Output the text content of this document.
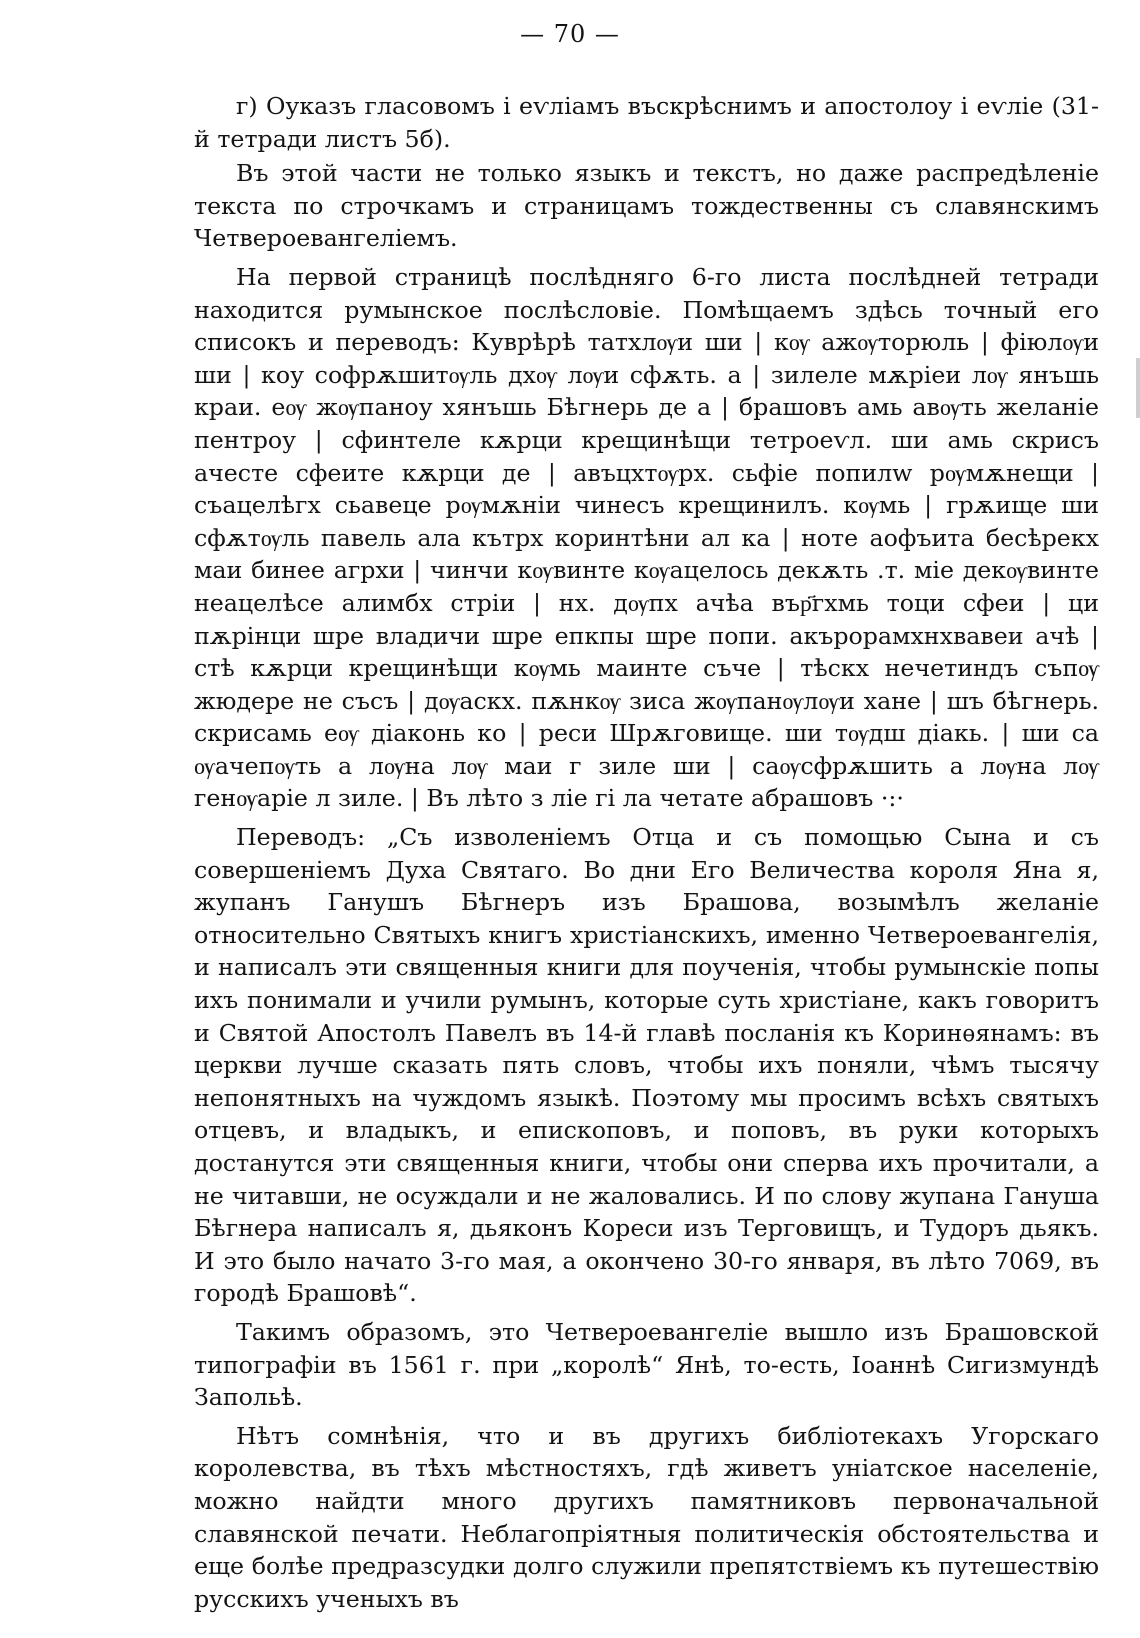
— 70 —

г) Оуказъ гласовомъ і еѵліамъ въскрѣснимъ и апостолоу і еѵліе (31-й тетради листъ 5б).

Въ этой части не только языкъ и текстъ, но даже распредѣленіе текста по строчкамъ и страницамъ тождественны съ славянскимъ Четвероевангеліемъ.

На первой страницѣ послѣдняго 6-го листа послѣдней тетради находится румынское послѣсловіе. Помѣщаемъ здѣсь точный его списокъ и переводъ: Куврѣрѣ татхлѹи ши | кѹ ажѹторюль | фіюлѹи ши | коу софрѫшитѹль дхѹ лѹи сфѫть. а | зилеле мѫріеи лѹ янъшь краи. еѹ жѹпаноу хянъшь Бѣгнерь де а | брашовъ амь авѹть желаніе пентроу | сфинтеле кѫрци крещинѣщи тетроеѵл. ши амь скрисъ ачесте сфеите кѫрци де | авъцхтѹрх. сьфіе попилw рѹмѫнещи | съацелѣгх сьавеце рѹмѫніи чинесъ крещинилъ. кѹмь | грѫище ши сфѫтѹль павель ала кътрх коринтѣни ал ка | ноте аофъита бесѣрекх маи бинее агрхи | чинчи кѹвинте кѹацелось декѫть .т. міе декѹвинте неацелѣсе алимбх стріи | нх. дѹпх ачѣа вър҃гхмь тоци сфеи | ци пѫрінци шре владичи шре епкпы шре попи. акърорамхнхвавеи ачѣ | стѣ кѫрци крещинѣщи кѹмь маинте съче | тѣскх нечетиндъ съпѹ жюдере не съсъ | дѹаскх. пѫнкѹ зиса жѹпанѹлѹи хане | шъ бѣгнерь. скрисамь еѹ діаконь ко | реси Шрѫговище. ши тѹдш діакь. | ши са ѹачепѹть а лѹна лѹ маи г зиле ши | саѹсфрѫшить а лѹна лѹ генѹаріе л зиле. | Въ лѣто з ліе гі ла четате абрашовъ ·:·

Переводъ: „Съ изволеніемъ Отца и съ помощью Сына и съ совершеніемъ Духа Святаго. Во дни Его Величества короля Яна я, жупанъ Ганушъ Бѣгнеръ изъ Брашова, возымѣлъ желаніе относительно Святыхъ книгъ христіанскихъ, именно Четвероевангелія, и написалъ эти священныя книги для поученія, чтобы румынскіе попы ихъ понимали и учили румынъ, которые суть христіане, какъ говоритъ и Святой Апостолъ Павелъ въ 14-й главѣ посланія къ Коринѳянамъ: въ церкви лучше сказать пять словъ, чтобы ихъ поняли, чѣмъ тысячу непонятныхъ на чуждомъ языкѣ. Поэтому мы просимъ всѣхъ святыхъ отцевъ, и владыкъ, и епископовъ, и поповъ, въ руки которыхъ достанутся эти священныя книги, чтобы они сперва ихъ прочитали, а не читавши, не осуждали и не жаловались. И по слову жупана Гануша Бѣгнера написалъ я, дьяконъ Кореси изъ Терговищъ, и Тудоръ дьякъ. И это было начато 3-го мая, а окончено 30-го января, въ лѣто 7069, въ городѣ Брашовѣ“.

Такимъ образомъ, это Четвероевангеліе вышло изъ Брашовской типографіи въ 1561 г. при „королѣ“ Янѣ, то-есть, Іоаннѣ Сигизмундѣ Запольѣ.

Нѣтъ сомнѣнія, что и въ другихъ библіотекахъ Угорскаго королевства, въ тѣхъ мѣстностяхъ, гдѣ живетъ уніатское населеніе, можно найдти много другихъ памятниковъ первоначальной славянской печати. Неблагопріятныя политическія обстоятельства и еще болѣе предразсудки долго служили препятствіемъ къ путешествію русскихъ ученыхъ въ
